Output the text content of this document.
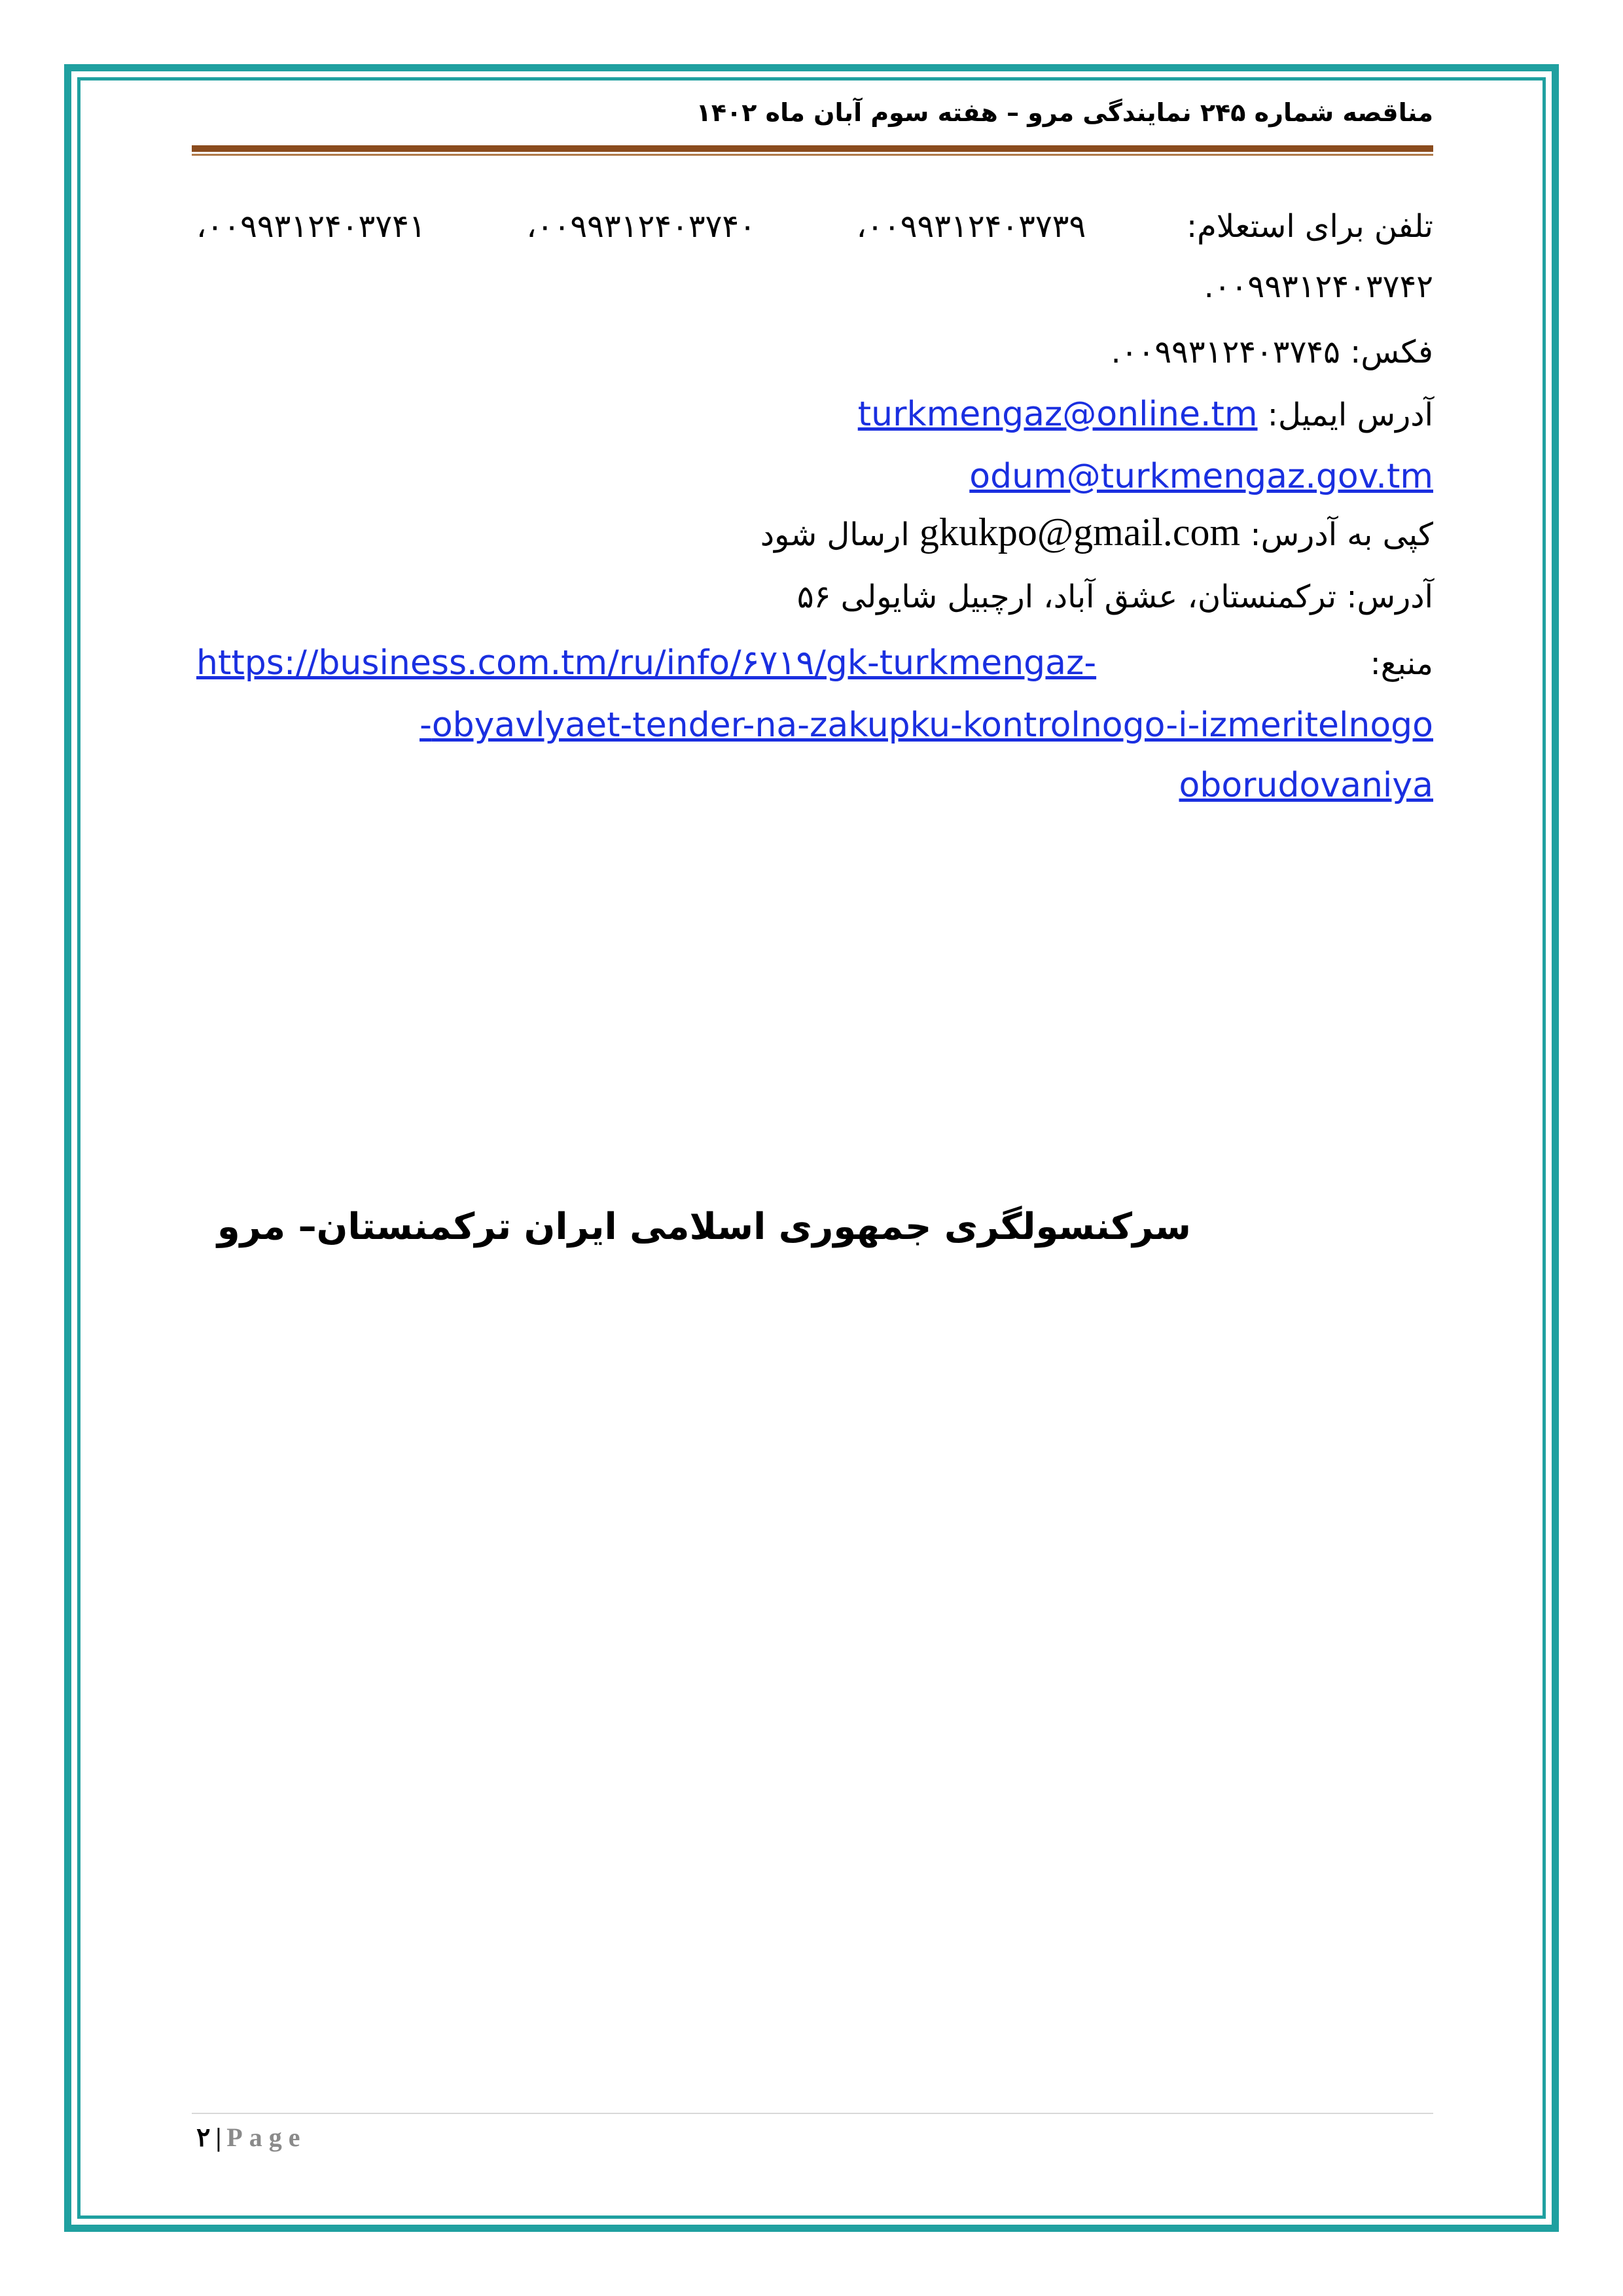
مناقصه شماره ۲۴۵ نمایندگی مرو – هفته سوم آبان ماه ۱۴۰۲
تلفن برای استعلام:
۰۰۹۹۳۱۲۴۰۳۷۳۹،
۰۰۹۹۳۱۲۴۰۳۷۴۰،
۰۰۹۹۳۱۲۴۰۳۷۴۱،
۰۰۹۹۳۱۲۴۰۳۷۴۲.
فکس: ۰۰۹۹۳۱۲۴۰۳۷۴۵.
آدرس ایمیل: turkmengaz@online.tm
odum@turkmengaz.gov.tm
کپی به آدرس: gkukpo@gmail.com ارسال شود
آدرس: ترکمنستان، عشق آباد، ارچبیل شایولی ۵۶
منبع:
https://business.com.tm/ru/info/۶۷۱۹/gk-turkmengaz-
obyavlyaet-tender-na-zakupku-kontrolnogo-i-izmeritelnogo-
oborudovaniya
سرکنسولگری جمهوری اسلامی ایران ترکمنستان– مرو
۲ | Page
